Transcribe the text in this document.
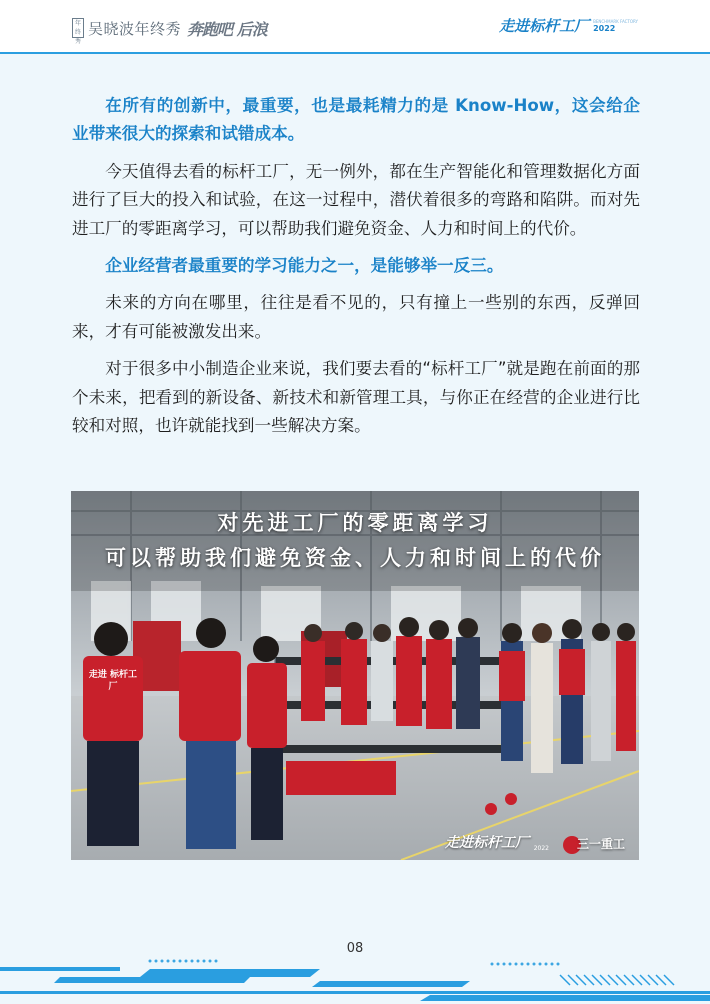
年终秀
吴晓波年终秀 奔跑吧 后浪	走进标杆工厂 BENCHMARK FACTORY
2022

在所有的创新中，最重要，也是最耗精力的是 Know-How，这会给企业带来很大的探索和试错成本。

今天值得去看的标杆工厂，无一例外，都在生产智能化和管理数据化方面进行了巨大的投入和试验，在这一过程中，潜伏着很多的弯路和陷阱。而对先进工厂的零距离学习，可以帮助我们避免资金、人力和时间上的代价。

企业经营者最重要的学习能力之一，是能够举一反三。

未来的方向在哪里，往往是看不见的，只有撞上一些别的东西，反弹回来，才有可能被激发出来。

对于很多中小制造企业来说，我们要去看的“标杆工厂”就是跑在前面的那个未来，把看到的新设备、新技术和新管理工具，与你正在经营的企业进行比较和对照，也许就能找到一些解决方案。

对先进工厂的零距离学习
可以帮助我们避免资金、人力和时间上的代价
走进标杆工厂 2022 三一重工
走进 标杆工厂
08
